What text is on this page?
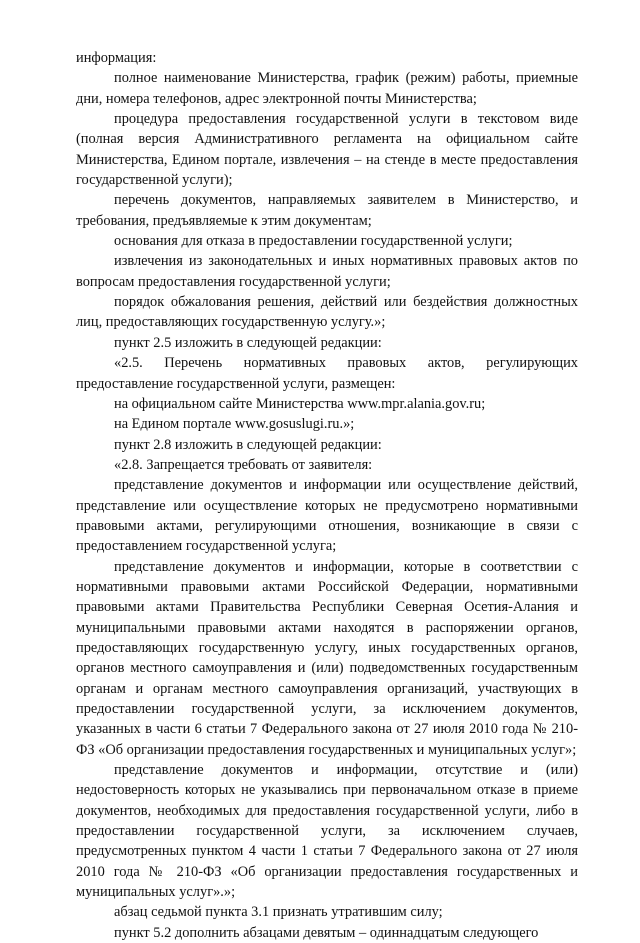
информация:

полное наименование Министерства, график (режим) работы, приемные дни, номера телефонов, адрес электронной почты Министерства;

процедура предоставления государственной услуги в текстовом виде (полная версия Административного регламента на официальном сайте Министерства, Едином портале, извлечения – на стенде в месте предоставления государственной услуги);

перечень документов, направляемых заявителем в Министерство, и требования, предъявляемые к этим документам;

основания для отказа в предоставлении государственной услуги;

извлечения из законодательных и иных нормативных правовых актов по вопросам предоставления государственной услуги;

порядок обжалования решения, действий или бездействия должностных лиц, предоставляющих государственную услугу.»;

пункт 2.5 изложить в следующей редакции:

«2.5. Перечень нормативных правовых актов, регулирующих предоставление государственной услуги, размещен:

на официальном сайте Министерства www.mpr.alania.gov.ru;

на Едином портале www.gosuslugi.ru.»;

пункт 2.8 изложить в следующей редакции:

«2.8. Запрещается требовать от заявителя:

представление документов и информации или осуществление действий, представление или осуществление которых не предусмотрено нормативными правовыми актами, регулирующими отношения, возникающие в связи с предоставлением государственной услуга;

представление документов и информации, которые в соответствии с нормативными правовыми актами Российской Федерации, нормативными правовыми актами Правительства Республики Северная Осетия-Алания и муниципальными правовыми актами находятся в распоряжении органов, предоставляющих государственную услугу, иных государственных органов, органов местного самоуправления и (или) подведомственных государственным органам и органам местного самоуправления организаций, участвующих в предоставлении государственной услуги, за исключением документов, указанных в части 6 статьи 7 Федерального закона от 27 июля 2010 года № 210-ФЗ «Об организации предоставления государственных и муниципальных услуг»;

представление документов и информации, отсутствие и (или) недостоверность которых не указывались при первоначальном отказе в приеме документов, необходимых для предоставления государственной услуги, либо в предоставлении государственной услуги, за исключением случаев, предусмотренных пунктом 4 части 1 статьи 7 Федерального закона от 27 июля 2010 года № 210-ФЗ «Об организации предоставления государственных и муниципальных услуг».»;

абзац седьмой пункта 3.1 признать утратившим силу;

пункт 5.2 дополнить абзацами девятым – одиннадцатым следующего
